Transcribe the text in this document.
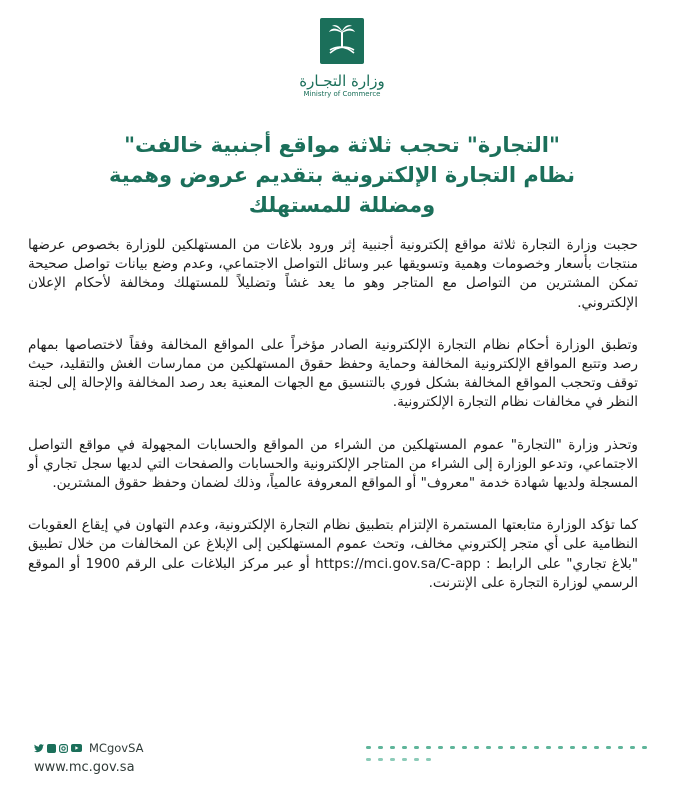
وزارة التجـارة
Ministry of Commerce
"التجارة" تحجب ثلاثة مواقع أجنبية خالفت"
نظام التجارة الإلكترونية بتقديم عروض وهمية
ومضللة للمستهلك

حجبت وزارة التجارة ثلاثة مواقع إلكترونية أجنبية إثر ورود بلاغات من المستهلكين للوزارة بخصوص عرضها منتجات بأسعار وخصومات وهمية وتسويقها عبر وسائل التواصل الاجتماعي، وعدم وضع بيانات تواصل صحيحة تمكن المشترين من التواصل مع المتاجر وهو ما يعد غشاً وتضليلاً للمستهلك ومخالفة لأحكام الإعلان الإلكتروني.

وتطبق الوزارة أحكام نظام التجارة الإلكترونية الصادر مؤخراً على المواقع المخالفة وفقاً لاختصاصها بمهام رصد وتتبع المواقع الإلكترونية المخالفة وحماية وحفظ حقوق المستهلكين من ممارسات الغش والتقليد، حيث توقف وتحجب المواقع المخالفة بشكل فوري بالتنسيق مع الجهات المعنية بعد رصد المخالفة والإحالة إلى لجنة النظر في مخالفات نظام التجارة الإلكترونية.

وتحذر وزارة "التجارة" عموم المستهلكين من الشراء من المواقع والحسابات المجهولة في مواقع التواصل الاجتماعي، وتدعو الوزارة إلى الشراء من المتاجر الإلكترونية والحسابات والصفحات التي لديها سجل تجاري أو المسجلة ولديها شهادة خدمة "معروف" أو المواقع المعروفة عالمياً، وذلك لضمان وحفظ حقوق المشترين.

كما تؤكد الوزارة متابعتها المستمرة الإلتزام بتطبيق نظام التجارة الإلكترونية، وعدم التهاون في إيقاع العقوبات النظامية على أي متجر إلكتروني مخالف، وتحث عموم المستهلكين إلى الإبلاغ عن المخالفات من خلال تطبيق "بلاغ تجاري" على الرابط : https://mci.gov.sa/C-app أو عبر مركز البلاغات على الرقم 1900 أو الموقع الرسمي لوزارة التجارة على الإنترنت.

MCgovSA
www.mc.gov.sa
